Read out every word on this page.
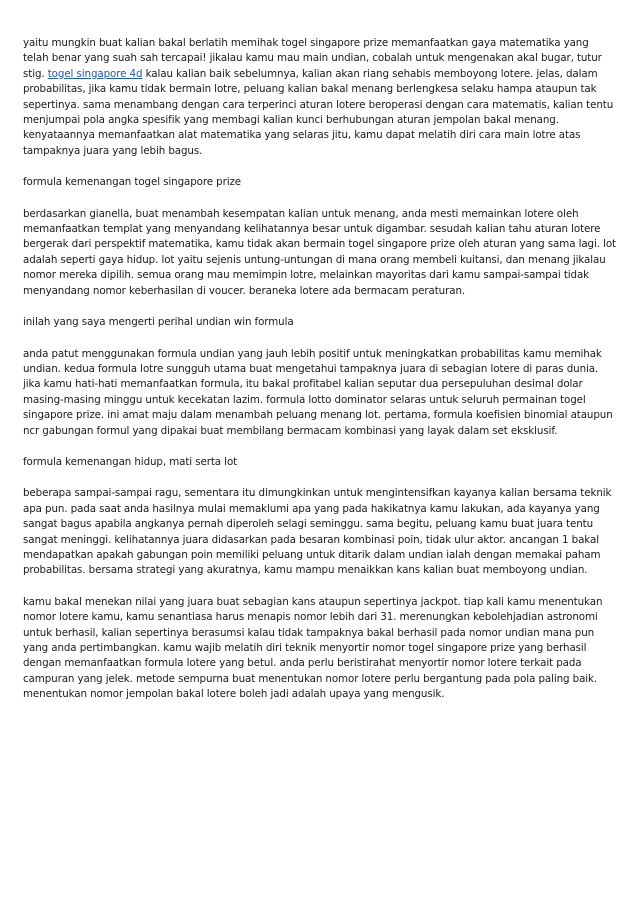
yaitu mungkin buat kalian bakal berlatih memihak togel singapore prize memanfaatkan gaya matematika yang telah benar yang suah sah tercapai! jikalau kamu mau main undian, cobalah untuk mengenakan akal bugar, tutur stig. togel singapore 4d kalau kalian baik sebelumnya, kalian akan riang sehabis memboyong lotere. jelas, dalam probabilitas, jika kamu tidak bermain lotre, peluang kalian bakal menang berlengkesa selaku hampa ataupun tak sepertinya. sama menambang dengan cara terperinci aturan lotere beroperasi dengan cara matematis, kalian tentu menjumpai pola angka spesifik yang membagi kalian kunci berhubungan aturan jempolan bakal menang. kenyataannya memanfaatkan alat matematika yang selaras jitu, kamu dapat melatih diri cara main lotre atas tampaknya juara yang lebih bagus.

formula kemenangan togel singapore prize

berdasarkan gianella, buat menambah kesempatan kalian untuk menang, anda mesti memainkan lotere oleh memanfaatkan templat yang menyandang kelihatannya besar untuk digambar. sesudah kalian tahu aturan lotere bergerak dari perspektif matematika, kamu tidak akan bermain togel singapore prize oleh aturan yang sama lagi. lot adalah seperti gaya hidup. lot yaitu sejenis untung-untungan di mana orang membeli kuitansi, dan menang jikalau nomor mereka dipilih. semua orang mau memimpin lotre, melainkan mayoritas dari kamu sampai-sampai tidak menyandang nomor keberhasilan di voucer. beraneka lotere ada bermacam peraturan.

inilah yang saya mengerti perihal undian win formula

anda patut menggunakan formula undian yang jauh lebih positif untuk meningkatkan probabilitas kamu memihak undian. kedua formula lotre sungguh utama buat mengetahui tampaknya juara di sebagian lotere di paras dunia. jika kamu hati-hati memanfaatkan formula, itu bakal profitabel kalian seputar dua persepuluhan desimal dolar masing-masing minggu untuk kecekatan lazim. formula lotto dominator selaras untuk seluruh permainan togel singapore prize. ini amat maju dalam menambah peluang menang lot. pertama, formula koefisien binomial ataupun ncr gabungan formul yang dipakai buat membilang bermacam kombinasi yang layak dalam set eksklusif.

formula kemenangan hidup, mati serta lot

beberapa sampai-sampai ragu, sementara itu dimungkinkan untuk mengintensifkan kayanya kalian bersama teknik apa pun. pada saat anda hasilnya mulai memaklumi apa yang pada hakikatnya kamu lakukan, ada kayanya yang sangat bagus apabila angkanya pernah diperoleh selagi seminggu. sama begitu, peluang kamu buat juara tentu sangat meninggi. kelihatannya juara didasarkan pada besaran kombinasi poin, tidak ulur aktor. ancangan 1 bakal mendapatkan apakah gabungan poin memiliki peluang untuk ditarik dalam undian ialah dengan memakai paham probabilitas. bersama strategi yang akuratnya, kamu mampu menaikkan kans kalian buat memboyong undian.

kamu bakal menekan nilai yang juara buat sebagian kans ataupun sepertinya jackpot. tiap kali kamu menentukan nomor lotere kamu, kamu senantiasa harus menapis nomor lebih dari 31. merenungkan kebolehjadian astronomi untuk berhasil, kalian sepertinya berasumsi kalau tidak tampaknya bakal berhasil pada nomor undian mana pun yang anda pertimbangkan. kamu wajib melatih diri teknik menyortir nomor togel singapore prize yang berhasil dengan memanfaatkan formula lotere yang betul. anda perlu beristirahat menyortir nomor lotere terkait pada campuran yang jelek. metode sempurna buat menentukan nomor lotere perlu bergantung pada pola paling baik. menentukan nomor jempolan bakal lotere boleh jadi adalah upaya yang mengusik.
